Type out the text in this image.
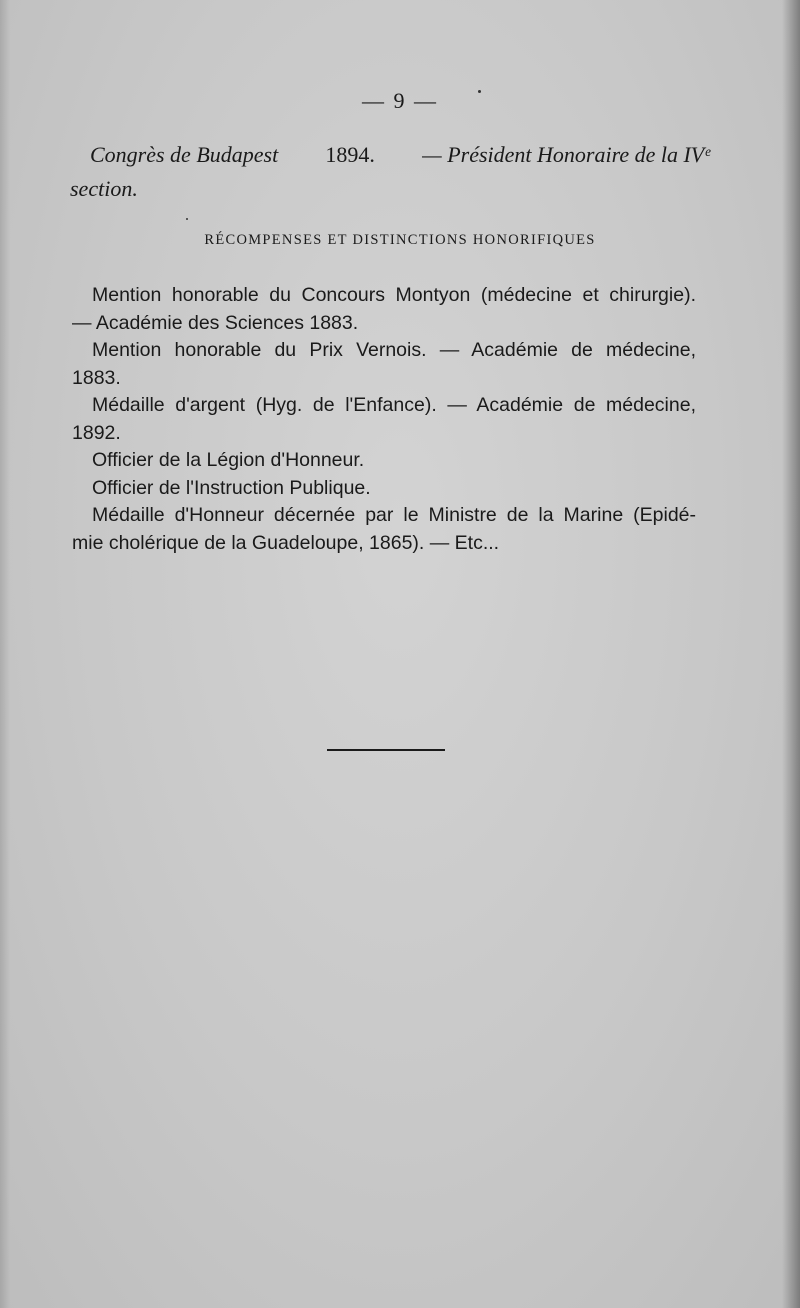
— 9 —
Congrès de Budapest 1894. — Président Honoraire de la IVᵉ
section.
RÉCOMPENSES ET DISTINCTIONS HONORIFIQUES

Mention honorable du Concours Montyon (médecine et chirurgie).
— Académie des Sciences 1883.

Mention honorable du Prix Vernois. — Académie de médecine,
1883.

Médaille d'argent (Hyg. de l'Enfance). — Académie de médecine,
1892.

Officier de la Légion d'Honneur.

Officier de l'Instruction Publique.

Médaille d'Honneur décernée par le Ministre de la Marine (Epidé-
mie cholérique de la Guadeloupe, 1865). — Etc...
